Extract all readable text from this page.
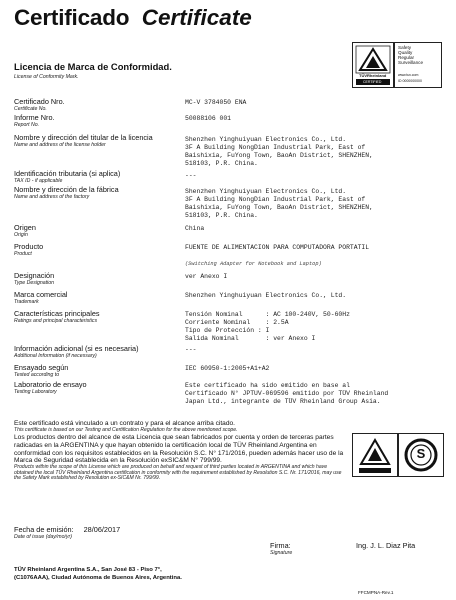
Certificado Certificate
Licencia de Marca de Conformidad.
License of Conformity Mark.	TÜVRheinland
CERTIFIED
Safety
Quality
Regular
Surveillance
www.tuv.com
ID 0000000000
Certificado Nro.
Certificate No.
MC-V 3784050 ENA
Informe Nro.
Report No.
50088106 001
Nombre y dirección del titular de la licencia
Name and address of the license holder
Shenzhen Yinghuiyuan Electronics Co., Ltd.
3F A Building NongDian Industrial Park, East of
Baishixia, FuYong Town, BaoAn District, SHENZHEN,
518103, P.R. China.
Identificación tributaria (si aplica)
TAX ID - if applicable
---
Nombre y dirección de la fábrica
Name and address of the factory
Shenzhen Yinghuiyuan Electronics Co., Ltd.
3F A Building NongDian Industrial Park, East of
Baishixia, FuYong Town, BaoAn District, SHENZHEN,
518103, P.R. China.
Origen
Origin
China
Producto
Product
FUENTE DE ALIMENTACION PARA COMPUTADORA PORTATIL
(Switching Adapter for Notebook and Laptop)
Designación
Type Designation
ver Anexo I
Marca comercial
Trademark
Shenzhen Yinghuiyuan Electronics Co., Ltd.
Características principales
Ratings and principal characteristics
Tensión Nominal      : AC 100-240V, 50-60Hz
Corriente Nominal    : 2.5A
Tipo de Protección : I
Salida Nominal       : ver Anexo I
Información adicional (si es necesaria)
Additional Information (if necessary)
---
Ensayado según
Tested according to
IEC 60950-1:2005+A1+A2
Laboratorio de ensayo
Testing Laboratory
Este certificado ha sido emitido en base al
Certificado N° JPTUV-069596 emitido por TÜV Rheinland
Japan Ltd., integrante de TÜV Rheinland Group Asia.
Este certificado está vinculado a un contrato y para el alcance arriba citado.
This certificate is based on our Testing and Certification Regulation for the above mentioned scope.
Los productos dentro del alcance de esta Licencia que sean fabricados por cuenta y orden de terceras partes radicadas en la ARGENTINA y que hayan obtenido la certificación local de TÜV Rheinland Argentina en conformidad con los requisitos establecidos en la Resolución S.C. N° 171/2016, pueden además hacer uso de la Marca de Seguridad establecida en la Resolución exSIC&M N° 799/99.
Products within the scope of this License which are produced on behalf and request of third parties located in ARGENTINA and which have obtained the local TÜV Rheinland Argentina certification in conformity with the requirement established by Resolution S.C. Nr. 171/2016, may use the Safety Mark established by Resolution ex-SIC&M Nr. 799/99.
S
Fecha de emisión: 28/06/2017
Date of issue (day/mo/yr)
Firma:
Signature
Ing. J. L. Diaz Pita
TÜV Rheinland Argentina S.A., San José 83 - Piso 7°,
(C1076AAA), Ciudad Autónoma de Buenos Aires, Argentina.
FFCMPNA-Rev.1
